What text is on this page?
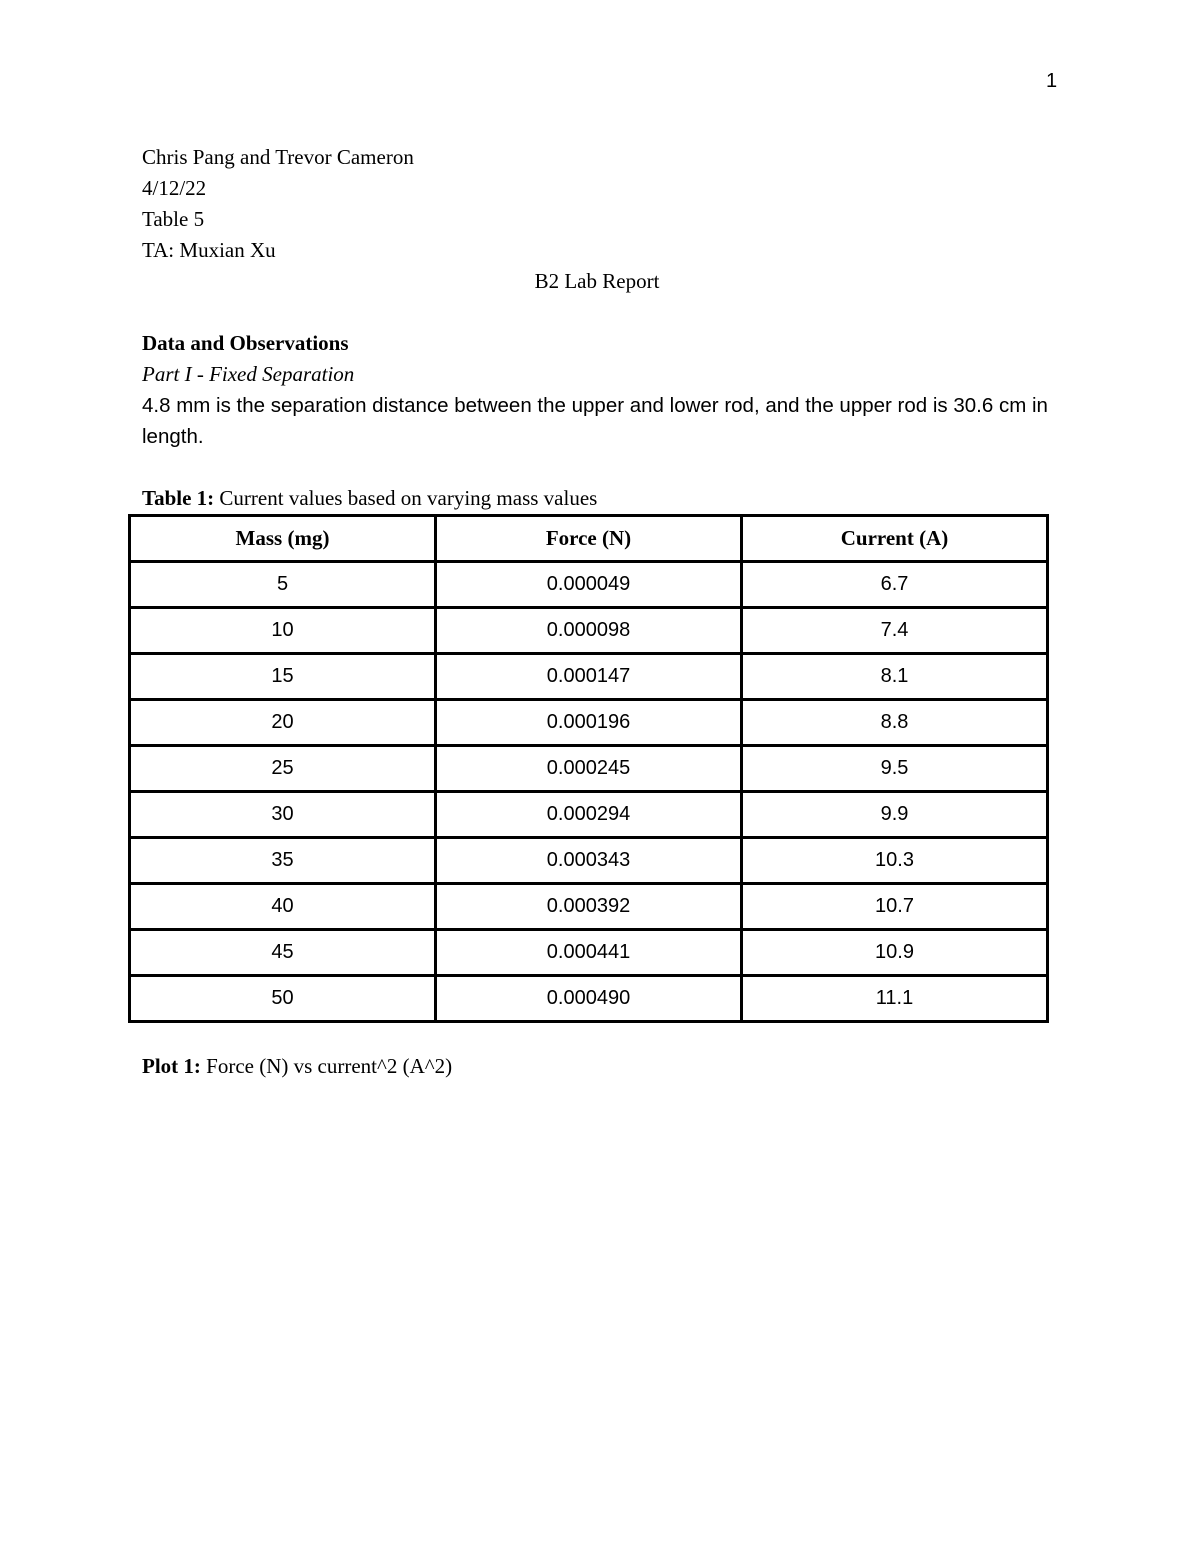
1
Chris Pang and Trevor Cameron
4/12/22
Table 5
TA: Muxian Xu
B2 Lab Report
Data and Observations
Part I - Fixed Separation
4.8 mm is the separation distance between the upper and lower rod, and the upper rod is 30.6 cm in length.
Table 1: Current values based on varying mass values
Mass (mg)	Force (N)	Current (A)
5	0.000049	6.7
10	0.000098	7.4
15	0.000147	8.1
20	0.000196	8.8
25	0.000245	9.5
30	0.000294	9.9
35	0.000343	10.3
40	0.000392	10.7
45	0.000441	10.9
50	0.000490	11.1
Plot 1: Force (N) vs current^2 (A^2)
